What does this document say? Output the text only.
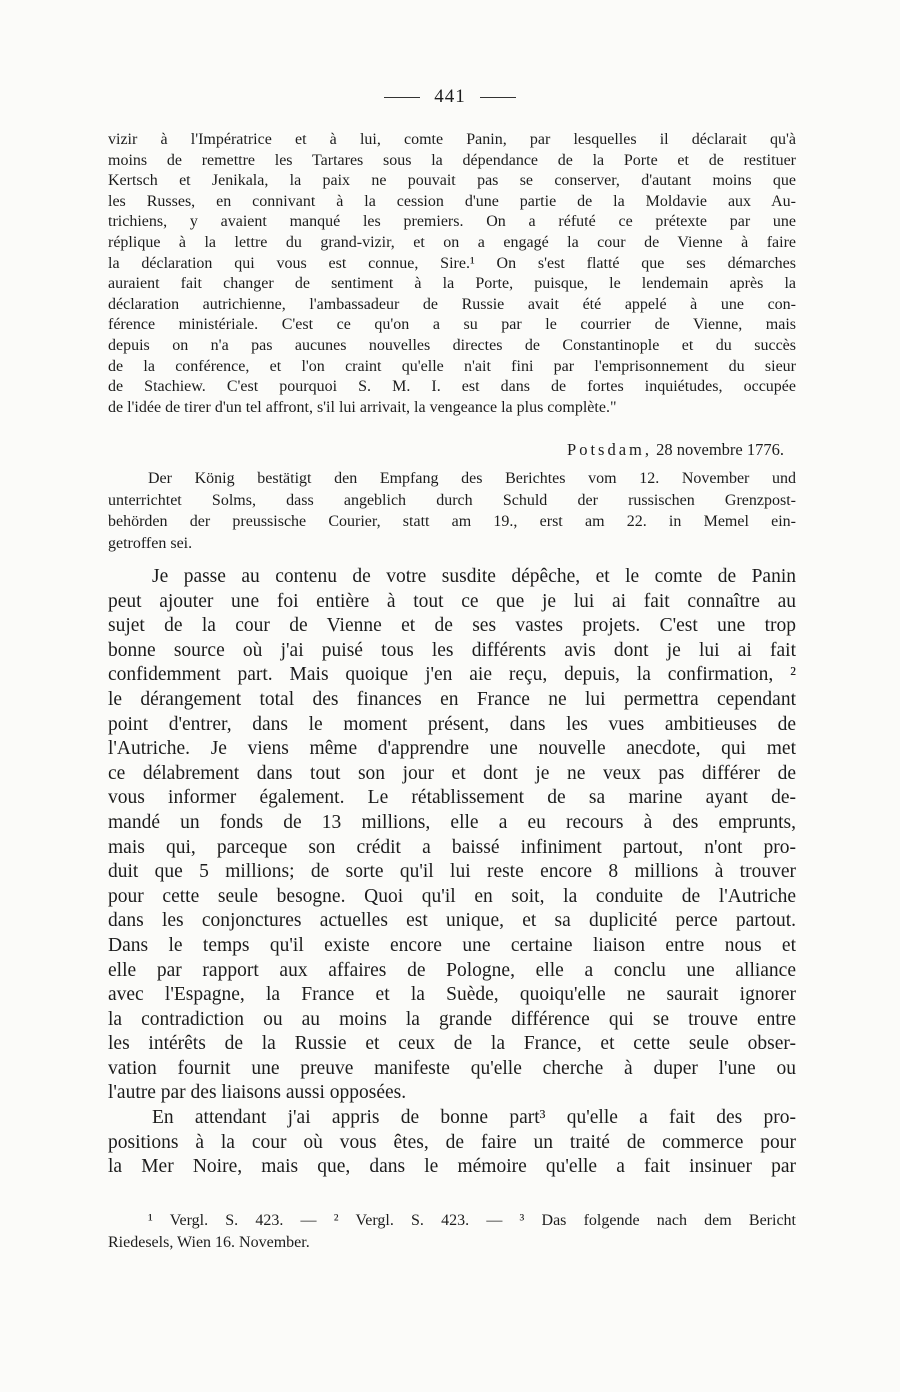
441
vizir à l'Impératrice et à lui, comte Panin, par lesquelles il déclarait qu'à
moins de remettre les Tartares sous la dépendance de la Porte et de restituer
Kertsch et Jenikala, la paix ne pouvait pas se conserver, d'autant moins que
les Russes, en connivant à la cession d'une partie de la Moldavie aux Au-
trichiens, y avaient manqué les premiers. On a réfuté ce prétexte par une
réplique à la lettre du grand-vizir, et on a engagé la cour de Vienne à faire
la déclaration qui vous est connue, Sire.¹ On s'est flatté que ses démarches
auraient fait changer de sentiment à la Porte, puisque, le lendemain après la
déclaration autrichienne, l'ambassadeur de Russie avait été appelé à une con-
férence ministériale. C'est ce qu'on a su par le courrier de Vienne, mais
depuis on n'a pas aucunes nouvelles directes de Constantinople et du succès
de la conférence, et l'on craint qu'elle n'ait fini par l'emprisonnement du sieur
de Stachiew. C'est pourquoi S. M. I. est dans de fortes inquiétudes, occupée
de l'idée de tirer d'un tel affront, s'il lui arrivait, la vengeance la plus complète."
Potsdam, 28 novembre 1776.
Der König bestätigt den Empfang des Berichtes vom 12. November und
unterrichtet Solms, dass angeblich durch Schuld der russischen Grenzpost-
behörden der preussische Courier, statt am 19., erst am 22. in Memel ein-
getroffen sei.
Je passe au contenu de votre susdite dépêche, et le comte de Panin
peut ajouter une foi entière à tout ce que je lui ai fait connaître au
sujet de la cour de Vienne et de ses vastes projets. C'est une trop
bonne source où j'ai puisé tous les différents avis dont je lui ai fait
confidemment part. Mais quoique j'en aie reçu, depuis, la confirmation, ²
le dérangement total des finances en France ne lui permettra cependant
point d'entrer, dans le moment présent, dans les vues ambitieuses de
l'Autriche. Je viens même d'apprendre une nouvelle anecdote, qui met
ce délabrement dans tout son jour et dont je ne veux pas différer de
vous informer également. Le rétablissement de sa marine ayant de-
mandé un fonds de 13 millions, elle a eu recours à des emprunts,
mais qui, parceque son crédit a baissé infiniment partout, n'ont pro-
duit que 5 millions; de sorte qu'il lui reste encore 8 millions à trouver
pour cette seule besogne. Quoi qu'il en soit, la conduite de l'Autriche
dans les conjonctures actuelles est unique, et sa duplicité perce partout.
Dans le temps qu'il existe encore une certaine liaison entre nous et
elle par rapport aux affaires de Pologne, elle a conclu une alliance
avec l'Espagne, la France et la Suède, quoiqu'elle ne saurait ignorer
la contradiction ou au moins la grande différence qui se trouve entre
les intérêts de la Russie et ceux de la France, et cette seule obser-
vation fournit une preuve manifeste qu'elle cherche à duper l'une ou
l'autre par des liaisons aussi opposées.
En attendant j'ai appris de bonne part³ qu'elle a fait des pro-
positions à la cour où vous êtes, de faire un traité de commerce pour
la Mer Noire, mais que, dans le mémoire qu'elle a fait insinuer par
¹ Vergl. S. 423. — ² Vergl. S. 423. — ³ Das folgende nach dem Bericht
Riedesels, Wien 16. November.
